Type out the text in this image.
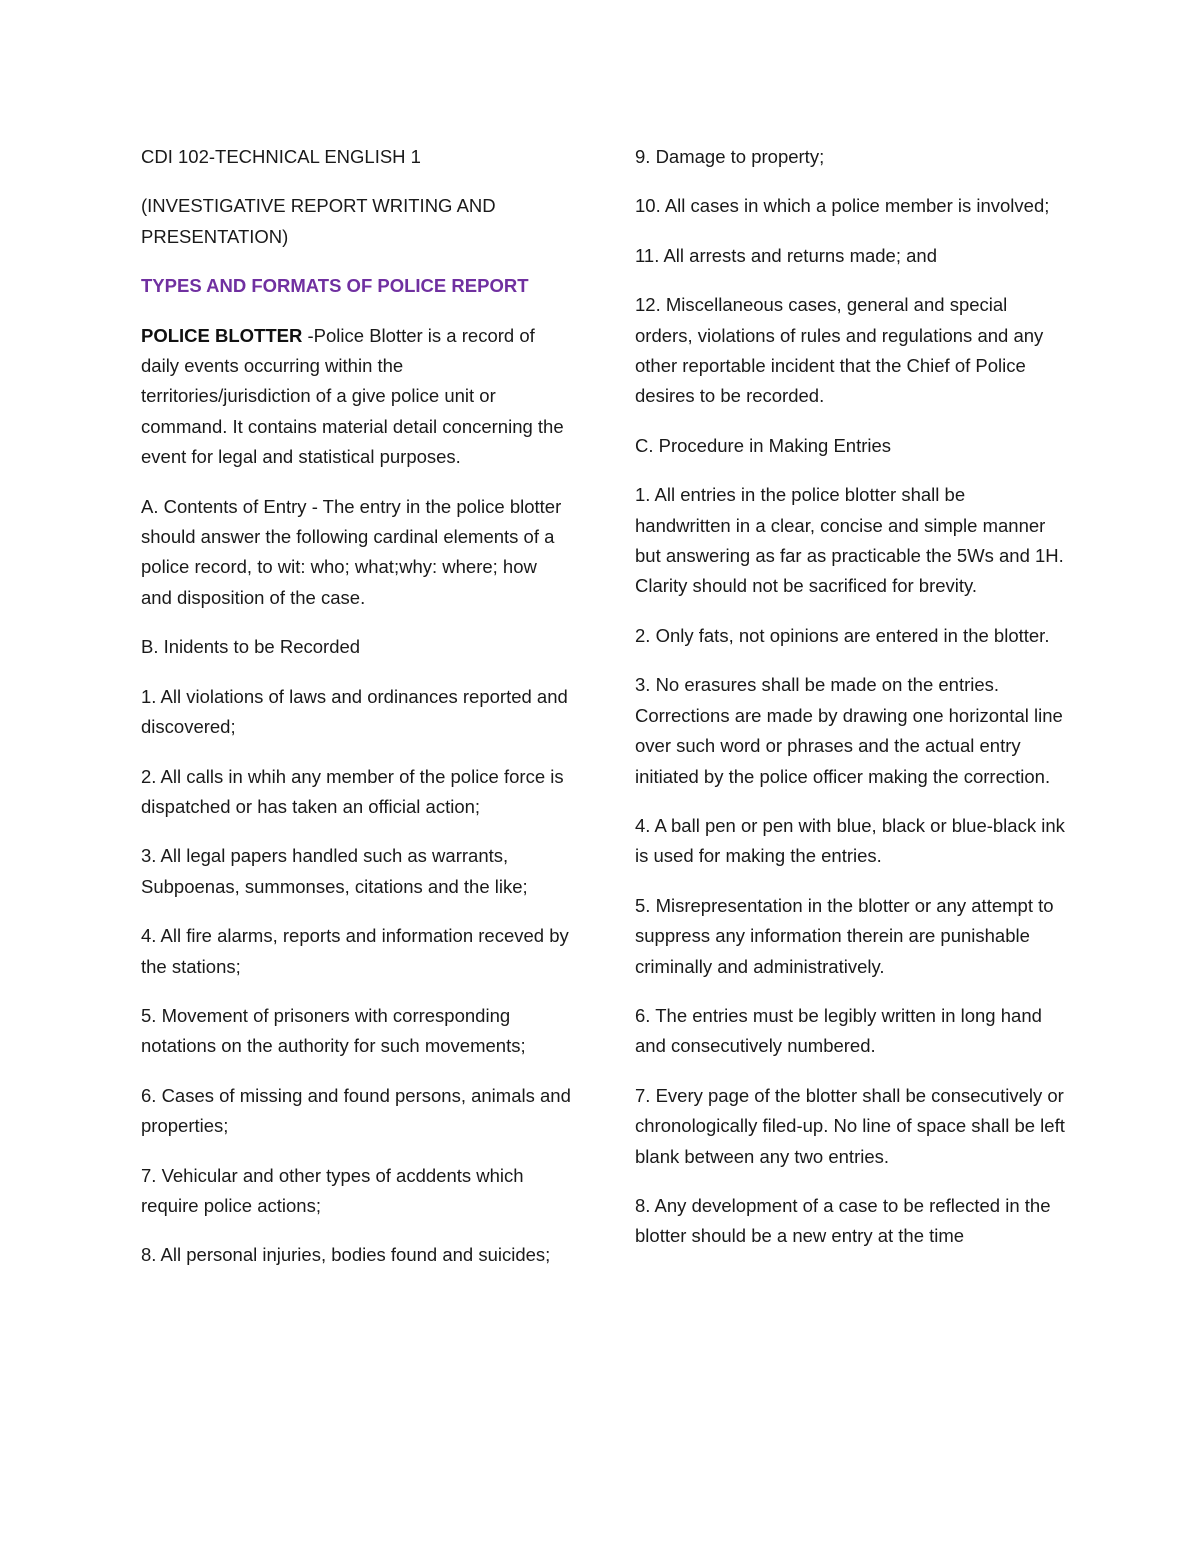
CDI 102-TECHNICAL ENGLISH 1

(INVESTIGATIVE REPORT WRITING AND PRESENTATION)

TYPES AND FORMATS OF POLICE REPORT

POLICE BLOTTER -Police Blotter is a record of daily events occurring within the territories/jurisdiction of a give police unit or command. It contains material detail concerning the event for legal and statistical purposes.

A. Contents of Entry - The entry in the police blotter should answer the following cardinal elements of a police record, to wit: who; what;why: where; how and disposition of the case.

B. Inidents to be Recorded

1. All violations of laws and ordinances reported and discovered;

2. All calls in whih any member of the police force is dispatched or has taken an official action;

3. All legal papers handled such as warrants, Subpoenas, summonses, citations and the like;

4. All fire alarms, reports and information receved by the stations;

5. Movement of prisoners with corresponding notations on the authority for such movements;

6. Cases of missing and found persons, animals and properties;

7. Vehicular and other types of acddents which require police actions;

8. All personal injuries, bodies found and suicides;

9. Damage to property;

10. All cases in which a police member is involved;

11. All arrests and returns made; and

12. Miscellaneous cases, general and special orders, violations of rules and regulations and any other reportable incident that the Chief of Police desires to be recorded.

C. Procedure in Making Entries

1. All entries in the police blotter shall be handwritten in a clear, concise and simple manner but answering as far as practicable the 5Ws and 1H. Clarity should not be sacrificed for brevity.

2. Only fats, not opinions are entered in the blotter.

3. No erasures shall be made on the entries. Corrections are made by drawing one horizontal line over such word or phrases and the actual entry initiated by the police officer making the correction.

4. A ball pen or pen with blue, black or blue-black ink is used for making the entries.

5. Misrepresentation in the blotter or any attempt to suppress any information therein are punishable criminally and administratively.

6. The entries must be legibly written in long hand and consecutively numbered.

7. Every page of the blotter shall be consecutively or chronologically filed-up. No line of space shall be left blank between any two entries.

8. Any development of a case to be reflected in the blotter should be a new entry at the time
